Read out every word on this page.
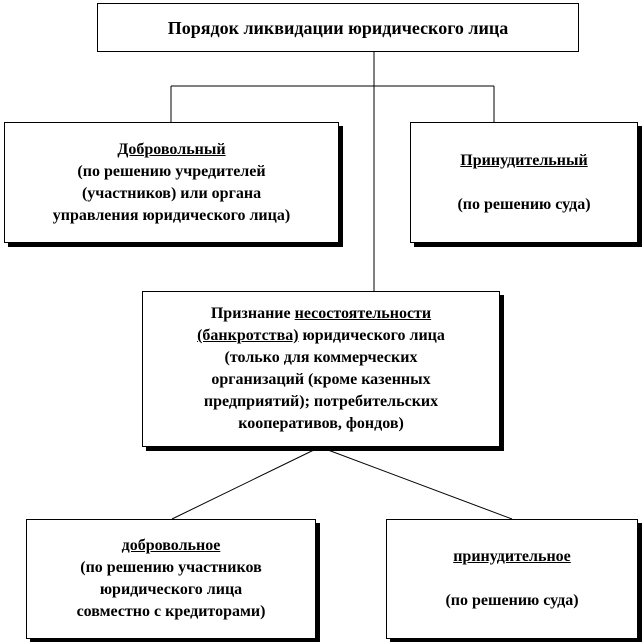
Порядок ликвидации юридического лица
Добровольный
(по решению учредителей
(участников) или органа
управления юридического лица)
Принудительный
(по решению суда)
Признание несостоятельности
(банкротства) юридического лица
(только для коммерческих
организаций (кроме казенных
предприятий); потребительских
кооперативов, фондов)
добровольное
(по решению участников
юридического лица
совместно с кредиторами)
принудительное
(по решению суда)
